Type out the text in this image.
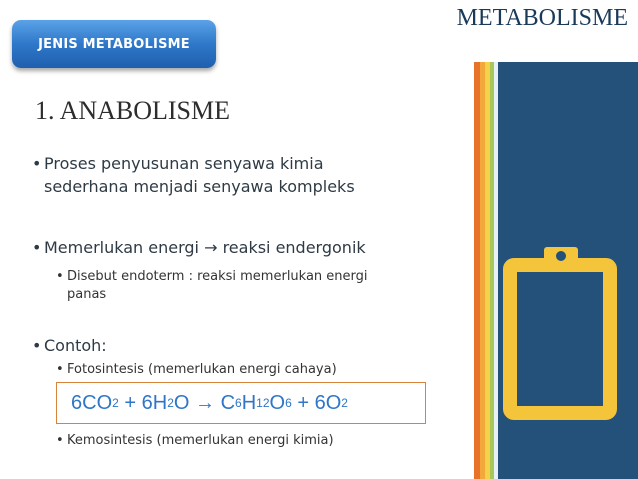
JENIS METABOLISME
METABOLISME
1. ANABOLISME
• Proses penyusunan senyawa kimia
sederhana menjadi senyawa kompleks
• Memerlukan energi → reaksi endergonik
• Disebut endoterm : reaksi memerlukan energi
panas
• Contoh:
• Fotosintesis (memerlukan energi cahaya)
6CO 2
+
6H 2 O
→
C 6 H 12 O 6
+
6O 2
• Kemosintesis (memerlukan energi kimia)
